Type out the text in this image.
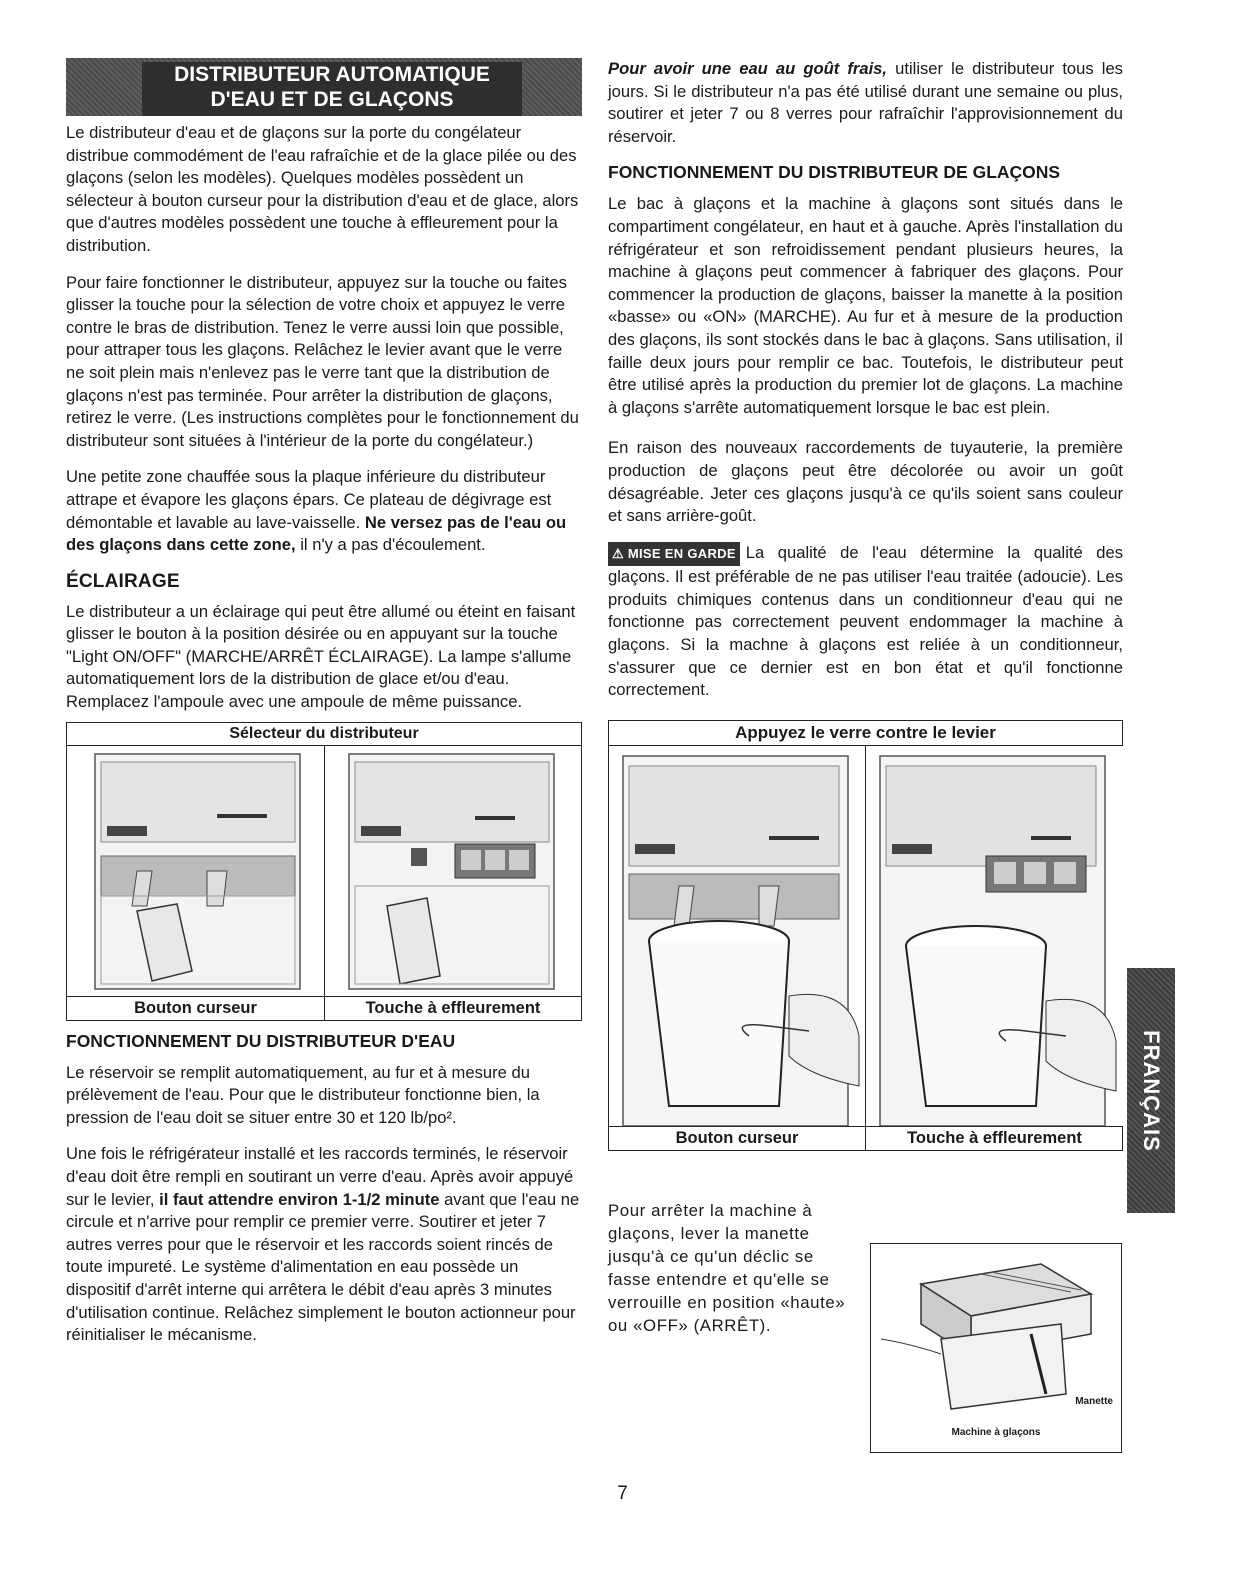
DISTRIBUTEUR AUTOMATIQUE
D'EAU ET DE GLAÇONS

Le distributeur d'eau et de glaçons sur la porte du congélateur distribue commodément de l'eau rafraîchie et de la glace pilée ou des glaçons (selon les modèles). Quelques modèles possèdent un sélecteur à bouton curseur pour la distribution d'eau et de glace, alors que d'autres modèles possèdent une touche à effleurement pour la distribution.

Pour faire fonctionner le distributeur, appuyez sur la touche ou faites glisser la touche pour la sélection de votre choix et appuyez le verre contre le bras de distribution. Tenez le verre aussi loin que possible, pour attraper tous les glaçons. Relâchez le levier avant que le verre ne soit plein mais n'enlevez pas le verre tant que la distribution de glaçons n'est pas terminée. Pour arrêter la distribution de glaçons, retirez le verre. (Les instructions complètes pour le fonctionnement du distributeur sont situées à l'intérieur de la porte du congélateur.)

Une petite zone chauffée sous la plaque inférieure du distributeur attrape et évapore les glaçons épars. Ce plateau de dégivrage est démontable et lavable au lave-vaisselle. Ne versez pas de l'eau ou des glaçons dans cette zone, il n'y a pas d'écoulement.

ÉCLAIRAGE

Le distributeur a un éclairage qui peut être allumé ou éteint en faisant glisser le bouton à la position désirée ou en appuyant sur la touche "Light ON/OFF" (MARCHE/ARRÊT ÉCLAIRAGE). La lampe s'allume automatiquement lors de la distribution de glace et/ou d'eau. Remplacez l'ampoule avec une ampoule de même puissance.

Sélecteur du distributeur
Bouton curseur	Touche à effleurement
FONCTIONNEMENT DU DISTRIBUTEUR D'EAU

Le réservoir se remplit automatiquement, au fur et à mesure du prélèvement de l'eau. Pour que le distributeur fonctionne bien, la pression de l'eau doit se situer entre 30 et 120 lb/po².

Une fois le réfrigérateur installé et les raccords terminés, le réservoir d'eau doit être rempli en soutirant un verre d'eau. Après avoir appuyé sur le levier, il faut attendre environ 1-1/2 minute avant que l'eau ne circule et n'arrive pour remplir ce premier verre. Soutirer et jeter 7 autres verres pour que le réservoir et les raccords soient rincés de toute impureté. Le système d'alimentation en eau possède un dispositif d'arrêt interne qui arrêtera le débit d'eau après 3 minutes d'utilisation continue. Relâchez simplement le bouton actionneur pour réinitialiser le mécanisme.

Pour avoir une eau au goût frais, utiliser le distributeur tous les jours. Si le distributeur n'a pas été utilisé durant une semaine ou plus, soutirer et jeter 7 ou 8 verres pour rafraîchir l'approvisionnement du réservoir.

FONCTIONNEMENT DU DISTRIBUTEUR DE GLAÇONS

Le bac à glaçons et la machine à glaçons sont situés dans le compartiment congélateur, en haut et à gauche. Après l'installation du réfrigérateur et son refroidissement pendant plusieurs heures, la machine à glaçons peut commencer à fabriquer des glaçons. Pour commencer la production de glaçons, baisser la manette à la position «basse» ou «ON» (MARCHE). Au fur et à mesure de la production des glaçons, ils sont stockés dans le bac à glaçons. Sans utilisation, il faille deux jours pour remplir ce bac. Toutefois, le distributeur peut être utilisé après la production du premier lot de glaçons. La machine à glaçons s'arrête automatiquement lorsque le bac est plein.

En raison des nouveaux raccordements de tuyauterie, la première production de glaçons peut être décolorée ou avoir un goût désagréable. Jeter ces glaçons jusqu'à ce qu'ils soient sans couleur et sans arrière-goût.

⚠ MISE EN GARDE La qualité de l'eau détermine la qualité des glaçons. Il est préférable de ne pas utiliser l'eau traitée (adoucie). Les produits chimiques contenus dans un conditionneur d'eau qui ne fonctionne pas correctement peuvent endommager la machine à glaçons. Si la machne à glaçons est reliée à un conditionneur, s'assurer que ce dernier est en bon état et qu'il fonctionne correctement.

Appuyez le verre contre le levier
Bouton curseur	Touche à effleurement

Pour arrêter la machine à glaçons, lever la manette jusqu'à ce qu'un déclic se fasse entendre et qu'elle se verrouille en position «haute» ou «OFF» (ARRÊT).

Manette
Machine à glaçons
FRANÇAIS
7
